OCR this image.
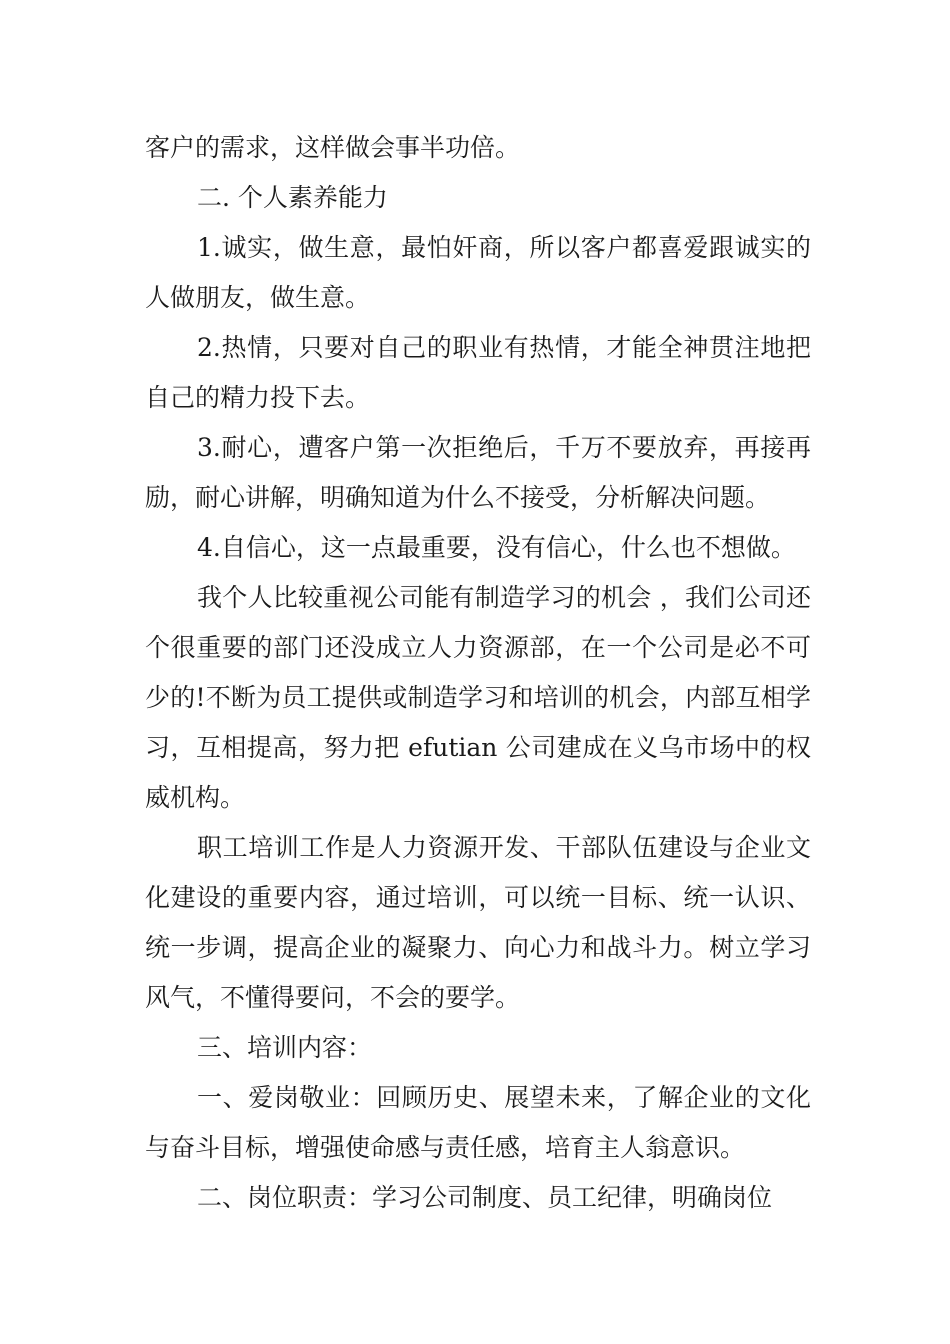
客户的需求，这样做会事半功倍。

二. 个人素养能力

1.诚实，做生意，最怕奸商，所以客户都喜爱跟诚实的人做朋友，做生意。

2.热情，只要对自己的职业有热情，才能全神贯注地把自己的精力投下去。

3.耐心，遭客户第一次拒绝后，千万不要放弃，再接再励，耐心讲解，明确知道为什么不接受，分析解决问题。

4.自信心，这一点最重要，没有信心，什么也不想做。

我个人比较重视公司能有制造学习的机会 ，我们公司还个很重要的部门还没成立人力资源部，在一个公司是必不可少的!不断为员工提供或制造学习和培训的机会，内部互相学习，互相提高，努力把 efutian 公司建成在义乌市场中的权威机构。

职工培训工作是人力资源开发、干部队伍建设与企业文化建设的重要内容，通过培训，可以统一目标、统一认识、统一步调，提高企业的凝聚力、向心力和战斗力。树立学习风气，不懂得要问，不会的要学。

三、培训内容：

一、爱岗敬业：回顾历史、展望未来，了解企业的文化与奋斗目标，增强使命感与责任感，培育主人翁意识。

二、岗位职责：学习公司制度、员工纪律，明确岗位
